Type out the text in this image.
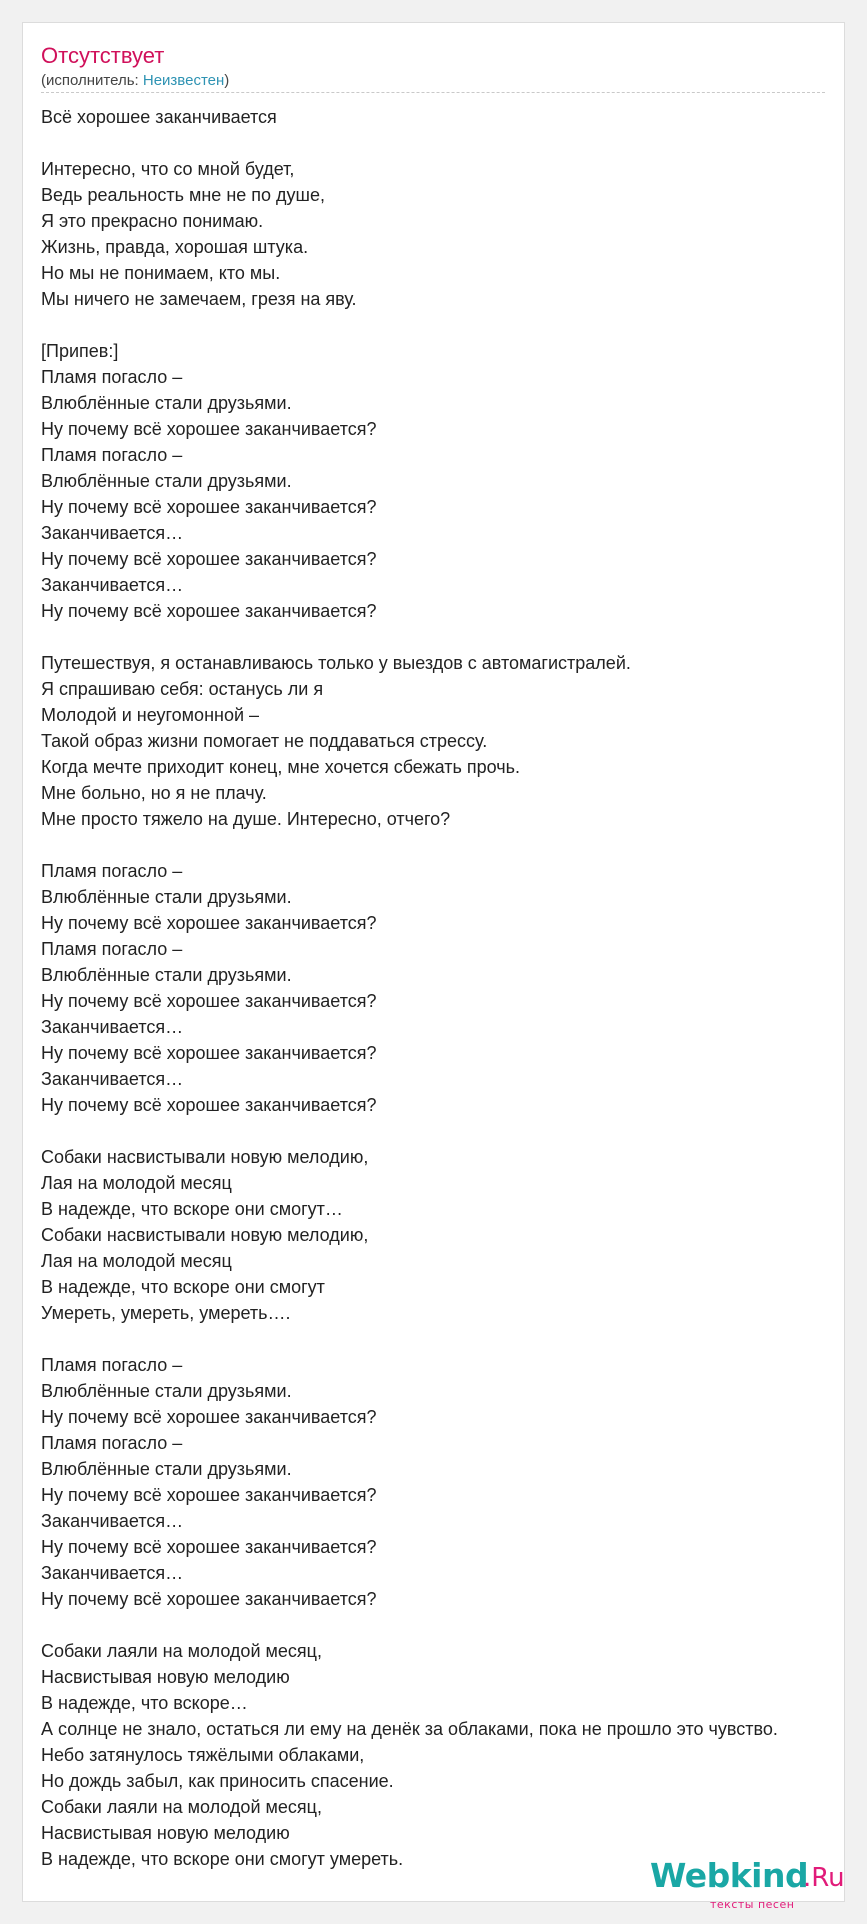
Отсутствует
(исполнитель: Неизвестен)
Всё хорошее заканчивается
Интересно, что со мной будет,
Ведь реальность мне не по душе,
Я это прекрасно понимаю.
Жизнь, правда, хорошая штука.
Но мы не понимаем, кто мы.
Мы ничего не замечаем, грезя на яву.
[Припев:]
Пламя погасло –
Влюблённые стали друзьями.
Ну почему всё хорошее заканчивается?
Пламя погасло –
Влюблённые стали друзьями.
Ну почему всё хорошее заканчивается?
Заканчивается…
Ну почему всё хорошее заканчивается?
Заканчивается…
Ну почему всё хорошее заканчивается?
Путешествуя, я останавливаюсь только у выездов с автомагистралей.
Я спрашиваю себя: останусь ли я
Молодой и неугомонной –
Такой образ жизни помогает не поддаваться стрессу.
Когда мечте приходит конец, мне хочется сбежать прочь.
Мне больно, но я не плачу.
Мне просто тяжело на душе. Интересно, отчего?
Пламя погасло –
Влюблённые стали друзьями.
Ну почему всё хорошее заканчивается?
Пламя погасло –
Влюблённые стали друзьями.
Ну почему всё хорошее заканчивается?
Заканчивается…
Ну почему всё хорошее заканчивается?
Заканчивается…
Ну почему всё хорошее заканчивается?
Собаки насвистывали новую мелодию,
Лая на молодой месяц
В надежде, что вскоре они смогут…
Собаки насвистывали новую мелодию,
Лая на молодой месяц
В надежде, что вскоре они смогут
Умереть, умереть, умереть….
Пламя погасло –
Влюблённые стали друзьями.
Ну почему всё хорошее заканчивается?
Пламя погасло –
Влюблённые стали друзьями.
Ну почему всё хорошее заканчивается?
Заканчивается…
Ну почему всё хорошее заканчивается?
Заканчивается…
Ну почему всё хорошее заканчивается?
Собаки лаяли на молодой месяц,
Насвистывая новую мелодию
В надежде, что вскоре…
А солнце не знало, остаться ли ему на денёк за облаками, пока не прошло это чувство.
Небо затянулось тяжёлыми облаками,
Но дождь забыл, как приносить спасение.
Собаки лаяли на молодой месяц,
Насвистывая новую мелодию
В надежде, что вскоре они смогут умереть.	Webkind
.Ru
тексты песен
